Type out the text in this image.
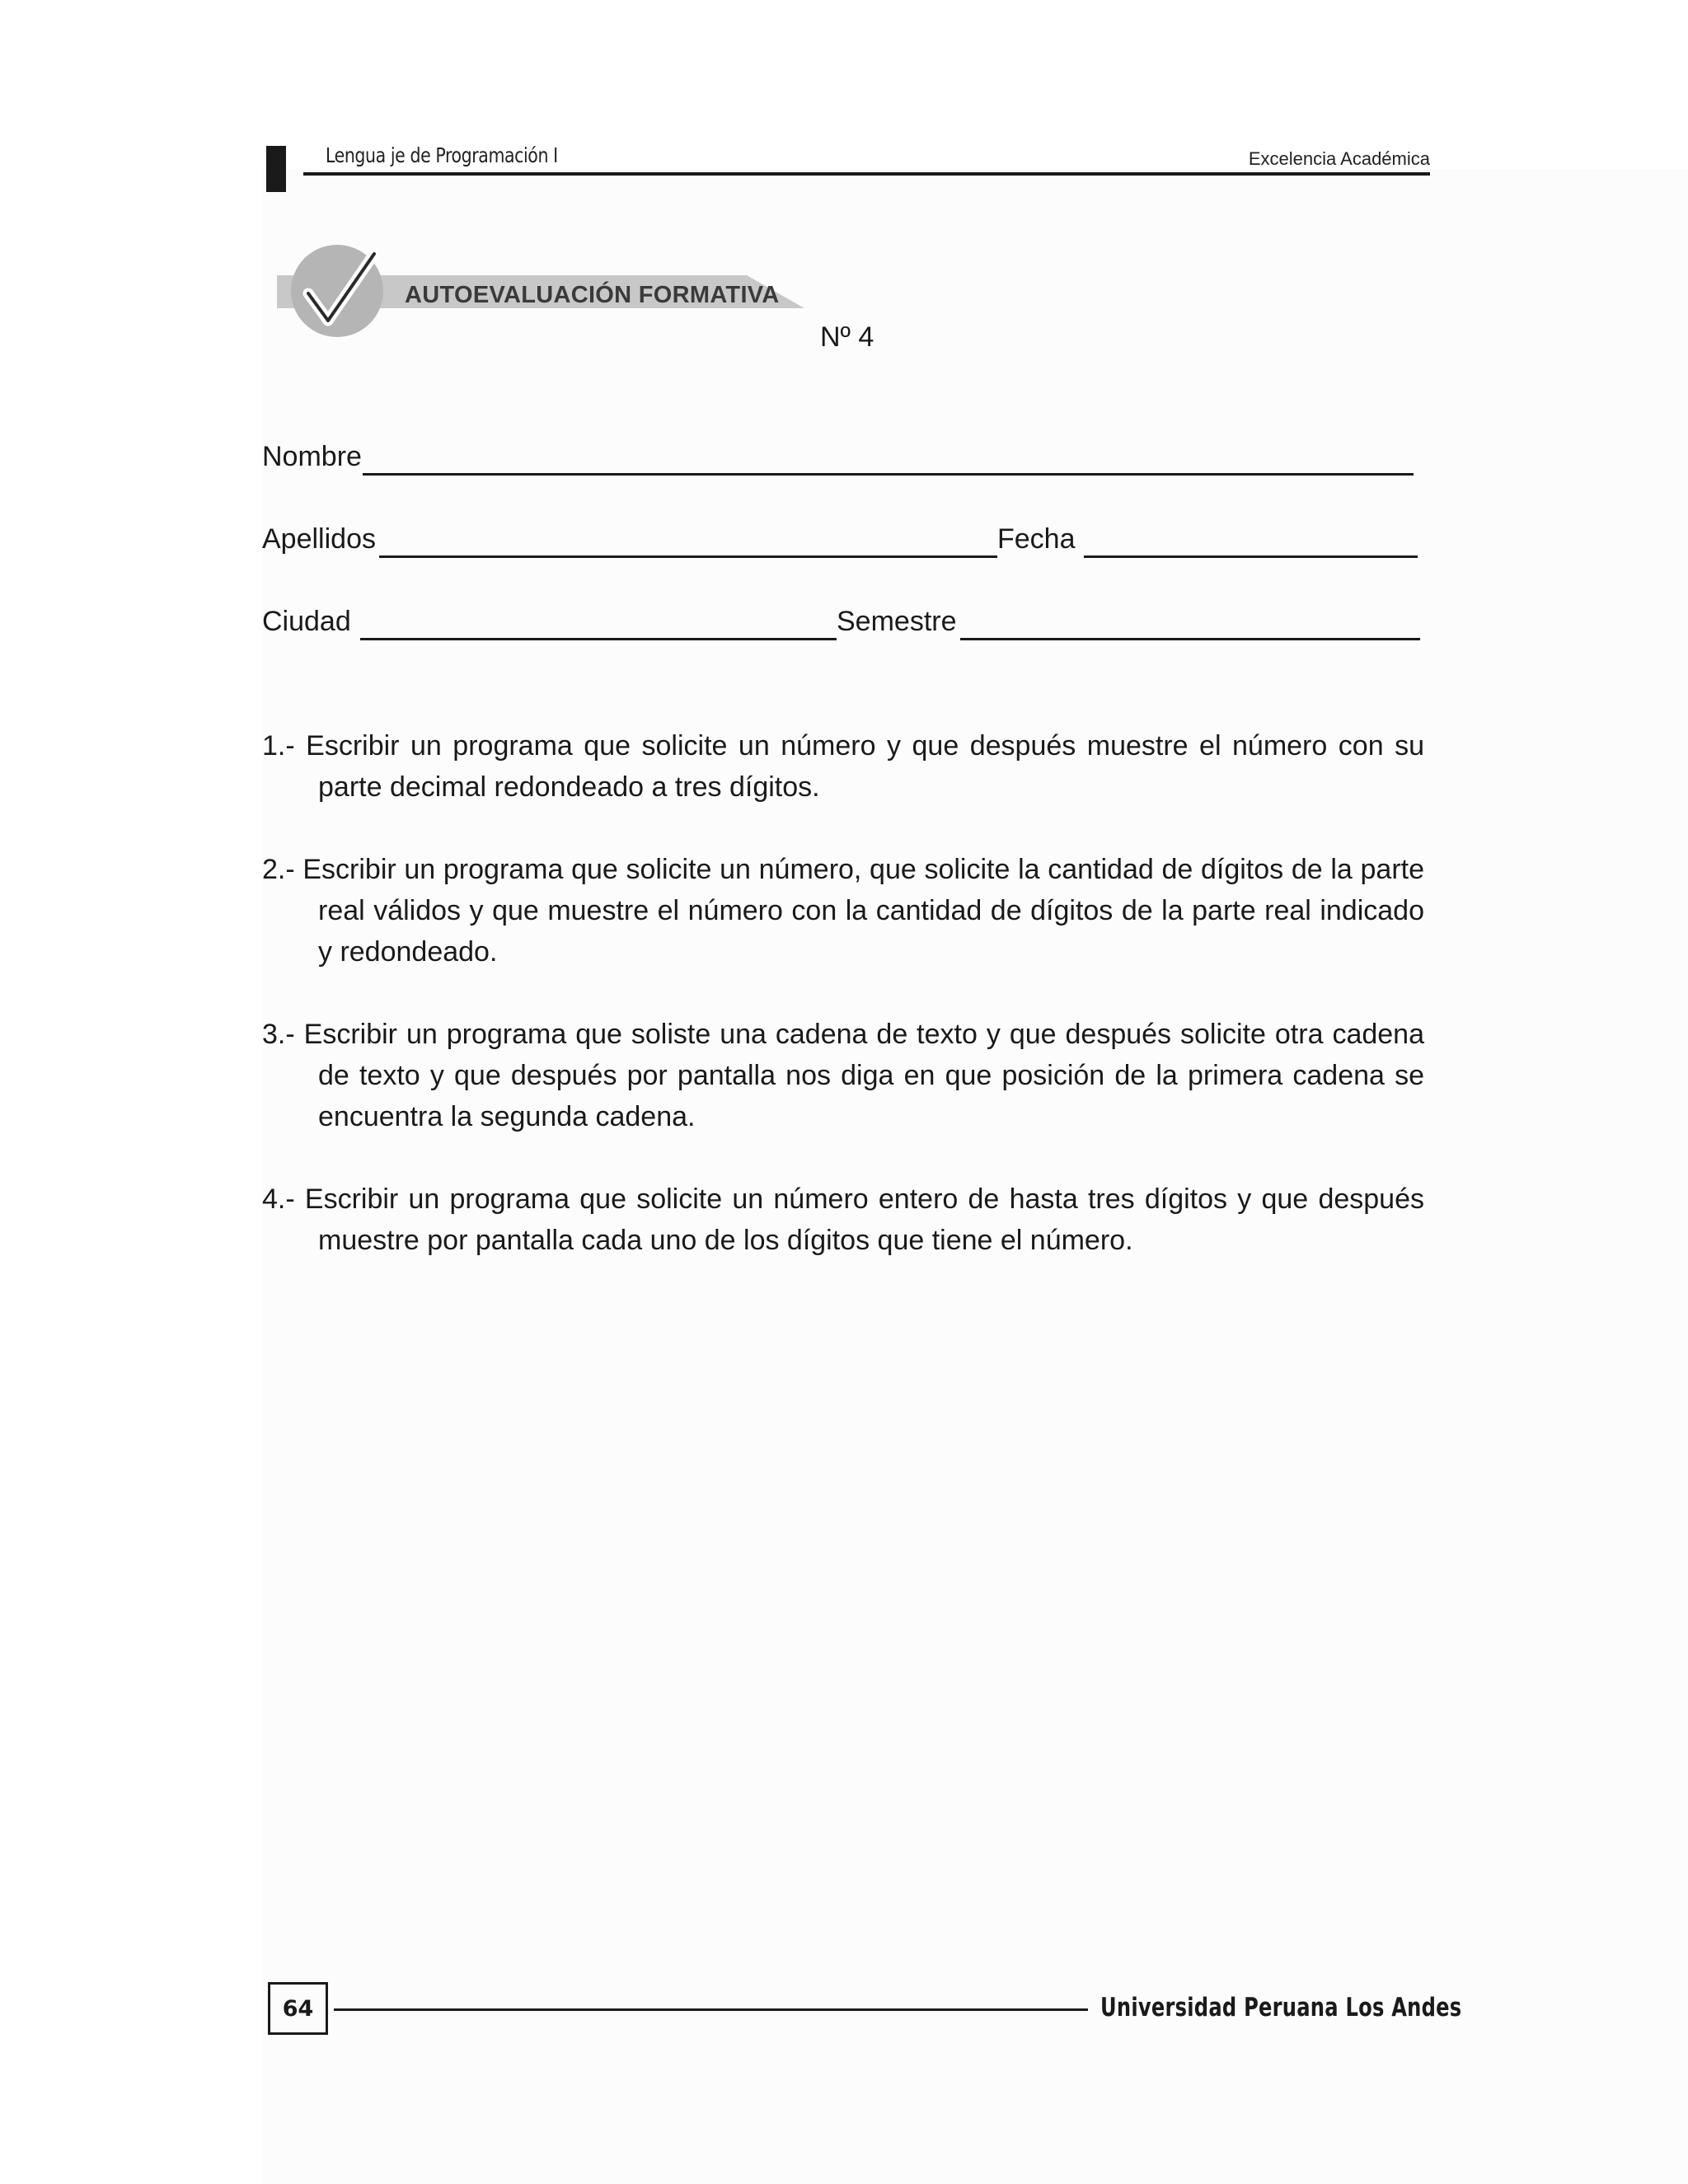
Lengua je de Programación I	Excelencia Académica
AUTOEVALUACIÓN FORMATIVA
Nº 4
Nombre
Apellidos	Fecha
Ciudad	Semestre

1.- Escribir un programa que solicite un número y que después muestre el número con su parte decimal redondeado a tres dígitos.

2.- Escribir un programa que solicite un número, que solicite la cantidad de dígitos de la parte real válidos y que muestre el número con la cantidad de dígitos de la parte real indicado y redondeado.

3.- Escribir un programa que soliste una cadena de texto y que después solicite otra cadena de texto y que después por pantalla nos diga en que posición de la primera cadena se encuentra la segunda cadena.

4.- Escribir un programa que solicite un número entero de hasta tres dígitos y que después muestre por pantalla cada uno de los dígitos que tiene el número.

64	Universidad Peruana Los Andes
